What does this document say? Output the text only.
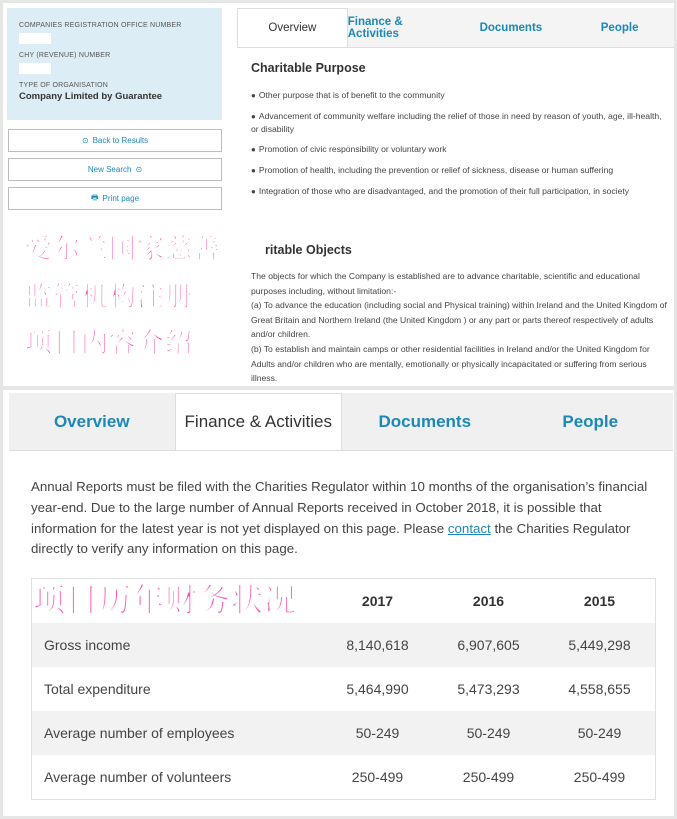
COMPANIES REGISTRATION OFFICE NUMBER
CHY (REVENUE) NUMBER
TYPE OF ORGANISATION
Company Limited by Guarantee
⊙ Back to Results
New Search ⊙
🖶 Print page
Overview
Finance & Activities	Documents	People
Charitable Purpose
● Other purpose that is of benefit to the community
● Advancement of community welfare including the relief of those in need by reason of youth, age, ill-health, or disability
● Promotion of civic responsibility or voluntary work
● Promotion of health, including the prevention or relief of sickness, disease or human suffering
● Integration of those who are disadvantaged, and the promotion of their full participation, in society
ritable Objects
The objects for which the Company is established are to advance charitable, scientific and educational purposes including, without limitation:-
(a) To advance the education (including social and Physical training) within Ireland and the United Kingdom of Great Britain and Northern Ireland (the United Kingdom ) or any part or parts thereof respectively of adults and/or children.
(b) To establish and maintain camps or other residential facilities in Ireland and/or the United Kingdom for Adults and/or children who are mentally, emotionally or physically incapacitated or suffering from serious illness.
爱尔兰国家慈善
监管机构注册
项目内容介绍
Overview	Finance & Activities	Documents	People
Annual Reports must be filed with the Charities Regulator within 10 months of the organisation’s financial year-end. Due to the large number of Annual Reports received in October 2018, it is possible that information for the latest year is not yet displayed on this page. Please contact the Charities Regulator directly to verify any information on this page.
2017	2016	2015
Gross income	8,140,618	6,907,605	5,449,298
Total expenditure	5,464,990	5,473,293	4,558,655
Average number of employees	50-249	50-249	50-249
Average number of volunteers	250-499	250-499	250-499
项目历年财务状况
